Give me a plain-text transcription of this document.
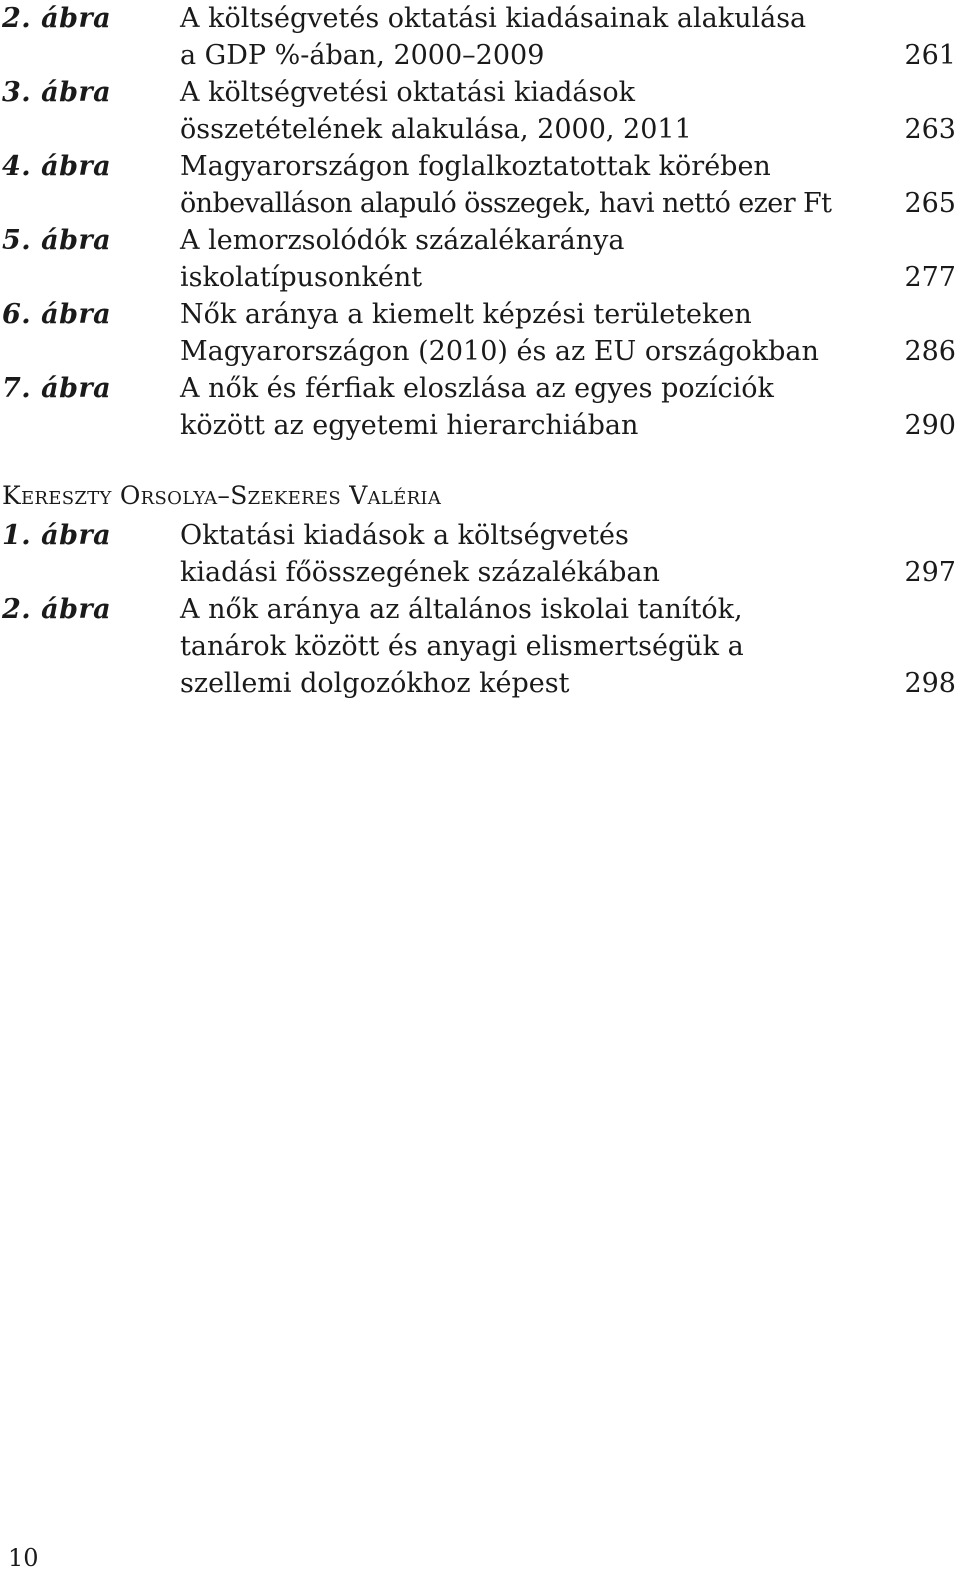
2. ábra	A költségvetés oktatási kiadásainak alakulása
a GDP %-ában, 2000–2009	261
3. ábra	A költségvetési oktatási kiadások
összetételének alakulása, 2000, 2011	263
4. ábra	Magyarországon foglalkoztatottak körében
önbevalláson alapuló összegek, havi nettó ezer Ft	265
5. ábra	A lemorzsolódók százalékaránya
iskolatípusonként	277
6. ábra	Nők aránya a kiemelt képzési területeken
Magyarországon (2010) és az EU országokban	286
7. ábra	A nők és férfiak eloszlása az egyes pozíciók
között az egyetemi hierarchiában	290
Kereszty Orsolya–Szekeres Valéria
1. ábra	Oktatási kiadások a költségvetés
kiadási főösszegének százalékában	297
2. ábra	A nők aránya az általános iskolai tanítók,
tanárok között és anyagi elismertségük a
szellemi dolgozókhoz képest	298
10
